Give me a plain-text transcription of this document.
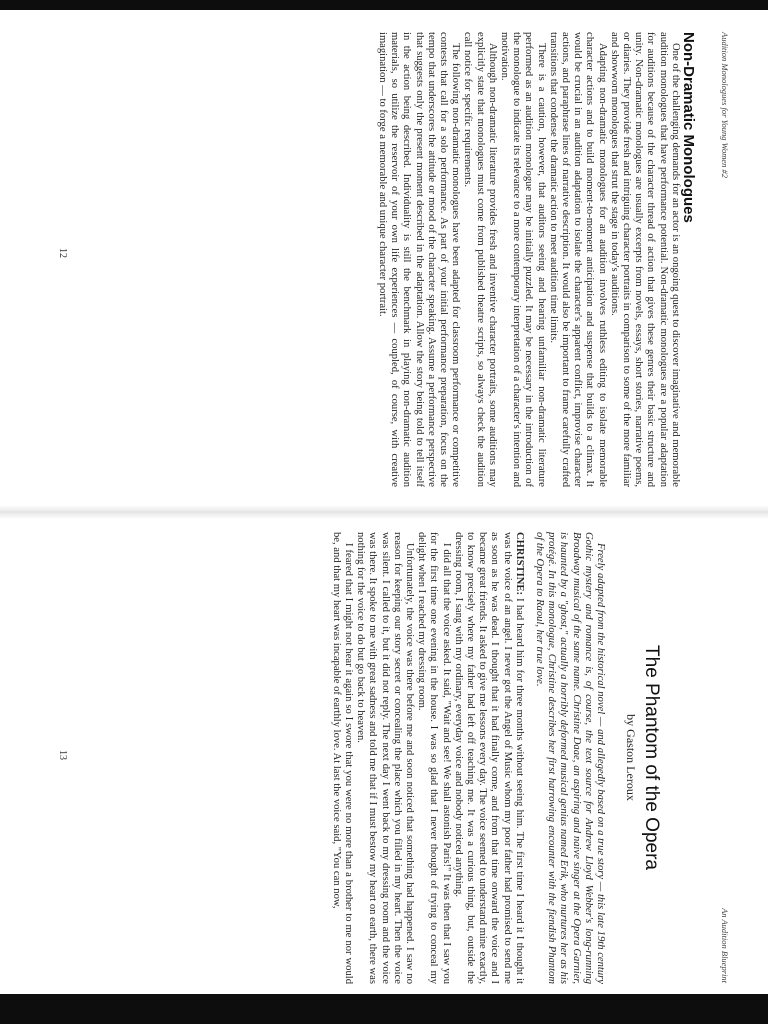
Audition Monologues for Young Women #2
Non-Dramatic Monologues

One of the challenging demands for an actor is an ongoing quest to discover imaginative and memorable audition monologues that have performance potential. Non-dramatic monologues are a popular adaptation for auditions because of the character thread of action that gives these genres their basic structure and unity. Non-dramatic monologues are usually excerpts from novels, essays, short stories, narrative poems, or diaries. They provide fresh and intriguing character portraits in comparison to some of the more familiar and showworn monologues that strut the stage in today's auditions.

Adapting non-dramatic monologues for an audition involves ruthless editing to isolate memorable character actions and to build moment-to-moment anticipation and suspense that builds to a climax. It would be crucial in an audition adaptation to isolate the character's apparent conflict, improvise character actions, and paraphrase lines of narrative description. It would also be important to frame carefully crafted transitions that condense the dramatic action to meet audition time limits.

There is a caution, however, that auditors seeing and hearing unfamiliar non-dramatic literature performed as an audition monologue may be initially puzzled. It may be necessary in the introduction of the monologue to indicate its relevance to a more contemporary interpretation of a character's intention and motivation.

Although non-dramatic literature provides fresh and inventive character portraits, some auditions may explicitly state that monologues must come from published theatre scripts, so always check the audition call notice for specific requirements.

The following non-dramatic monologues have been adapted for classroom performance or competitive contests that call for a solo performance. As part of your initial performance preparation, focus on the tempo that underscores the attitude or mood of the character speaking. Assume a performance perspective that suggests only the present moment described in the adaptation. Allow the story being told to tell itself in the action being described. Individuality is still the benchmark in playing non-dramatic audition materials, so utilize the reservoir of your own life experiences — coupled, of course, with creative imagination — to forge a memorable and unique character portrait.

12
An Audition Blueprint
The Phantom of the Opera
by Gaston Leroux

Freely adapted from the historical novel — and allegedly based on a true story — this late 19th century Gothic mystery and romance is, of course, the text source for Andrew Lloyd Webber's long-running Broadway musical of the same name. Christine Daae, an aspiring and naive singer at the Opera Garnier, is haunted by a "ghost," actually a horribly deformed musical genius named Erik, who nurtures her as his protégé. In this monologue, Christine describes her first harrowing encounter with the fiendish Phantom of the Opera to Raoul, her true love.

CHRISTINE: I had heard him for three months without seeing him. The first time I heard it I thought it was the voice of an angel. I never got the Angel of Music whom my poor father had promised to send me as soon as he was dead. I thought that it had finally come, and from that time onward the voice and I became great friends. It asked to give me lessons every day. The voice seemed to understand mine exactly, to know precisely where my father had left off teaching me. It was a curious thing, but, outside the dressing room, I sang with my ordinary, everyday voice and nobody noticed anything.

I did all that the voice asked. It said, "Wait and see! We shall astonish Paris!" It was then that I saw you for the first time one evening in the house. I was so glad that I never thought of trying to conceal my delight when I reached my dressing room.

Unfortunately, the voice was there before me and soon noticed that something had happened. I saw no reason for keeping our story secret or concealing the place which you filled in my heart. Then the voice was silent. I called to it, but it did not reply. The next day I went back to my dressing room and the voice was there. It spoke to me with great sadness and told me that if I must bestow my heart on earth, there was nothing for the voice to do but go back to heaven.

I feared that I might not hear it again so I swore that you were no more than a brother to me nor would be, and that my heart was incapable of earthly love. At last the voice said, "You can now,

13
